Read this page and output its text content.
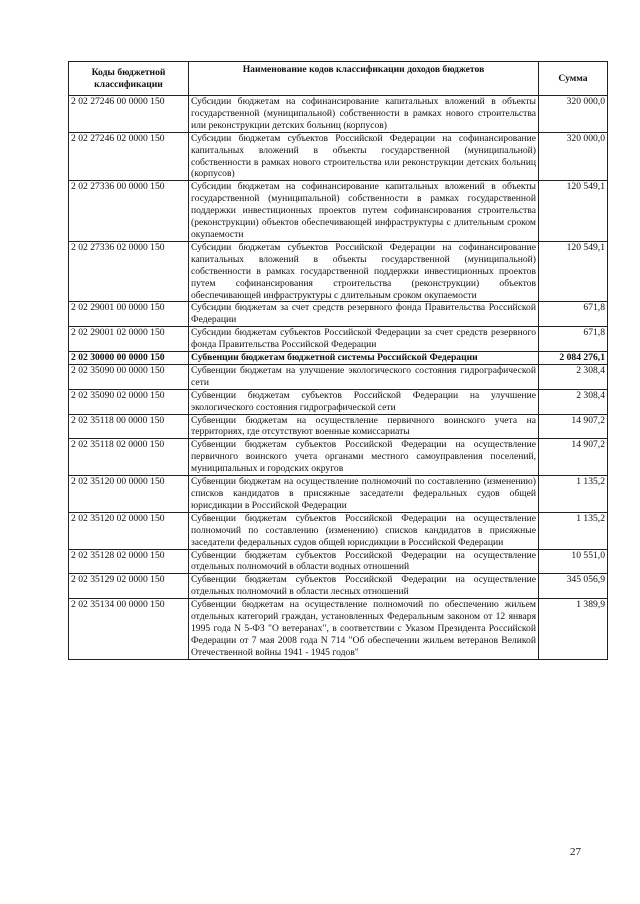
Коды бюджетной классификации	Наименование кодов классификации доходов бюджетов	Сумма
2 02 27246 00 0000 150	Субсидии бюджетам на софинансирование капитальных вложений в объекты государственной (муниципальной) собственности в рамках нового строительства или реконструкции детских больниц (корпусов)	320 000,0
2 02 27246 02 0000 150	Субсидии бюджетам субъектов Российской Федерации на софинансирование капитальных вложений в объекты государственной (муниципальной) собственности в рамках нового строительства или реконструкции детских больниц (корпусов)	320 000,0
2 02 27336 00 0000 150	Субсидии бюджетам на софинансирование капитальных вложений в объекты государственной (муниципальной) собственности в рамках государственной поддержки инвестиционных проектов путем софинансирования строительства (реконструкции) объектов обеспечивающей инфраструктуры с длительным сроком окупаемости	120 549,1
2 02 27336 02 0000 150	Субсидии бюджетам субъектов Российской Федерации на софинансирование капитальных вложений в объекты государственной (муниципальной) собственности в рамках государственной поддержки инвестиционных проектов путем софинансирования строительства (реконструкции) объектов обеспечивающей инфраструктуры с длительным сроком окупаемости	120 549,1
2 02 29001 00 0000 150	Субсидии бюджетам за счет средств резервного фонда Правительства Российской Федерации	671,8
2 02 29001 02 0000 150	Субсидии бюджетам субъектов Российской Федерации за счет средств резервного фонда Правительства Российской Федерации	671,8
2 02 30000 00 0000 150	Субвенции бюджетам бюджетной системы Российской Федерации	2 084 276,1
2 02 35090 00 0000 150	Субвенции бюджетам на улучшение экологического состояния гидрографической сети	2 308,4
2 02 35090 02 0000 150	Субвенции бюджетам субъектов Российской Федерации на улучшение экологического состояния гидрографической сети	2 308,4
2 02 35118 00 0000 150	Субвенции бюджетам на осуществление первичного воинского учета на территориях, где отсутствуют военные комиссариаты	14 907,2
2 02 35118 02 0000 150	Субвенции бюджетам субъектов Российской Федерации на осуществление первичного воинского учета органами местного самоуправления поселений, муниципальных и городских округов	14 907,2
2 02 35120 00 0000 150	Субвенции бюджетам на осуществление полномочий по составлению (изменению) списков кандидатов в присяжные заседатели федеральных судов общей юрисдикции в Российской Федерации	1 135,2
2 02 35120 02 0000 150	Субвенции бюджетам субъектов Российской Федерации на осуществление полномочий по составлению (изменению) списков кандидатов в присяжные заседатели федеральных судов общей юрисдикции в Российской Федерации	1 135,2
2 02 35128 02 0000 150	Субвенции бюджетам субъектов Российской Федерации на осуществление отдельных полномочий в области водных отношений	10 551,0
2 02 35129 02 0000 150	Субвенции бюджетам субъектов Российской Федерации на осуществление отдельных полномочий в области лесных отношений	345 056,9
2 02 35134 00 0000 150	Субвенции бюджетам на осуществление полномочий по обеспечению жильем отдельных категорий граждан, установленных Федеральным законом от 12 января 1995 года N 5-ФЗ "О ветеранах", в соответствии с Указом Президента Российской Федерации от 7 мая 2008 года N 714 "Об обеспечении жильем ветеранов Великой Отечественной войны 1941 - 1945 годов"	1 389,9
27
